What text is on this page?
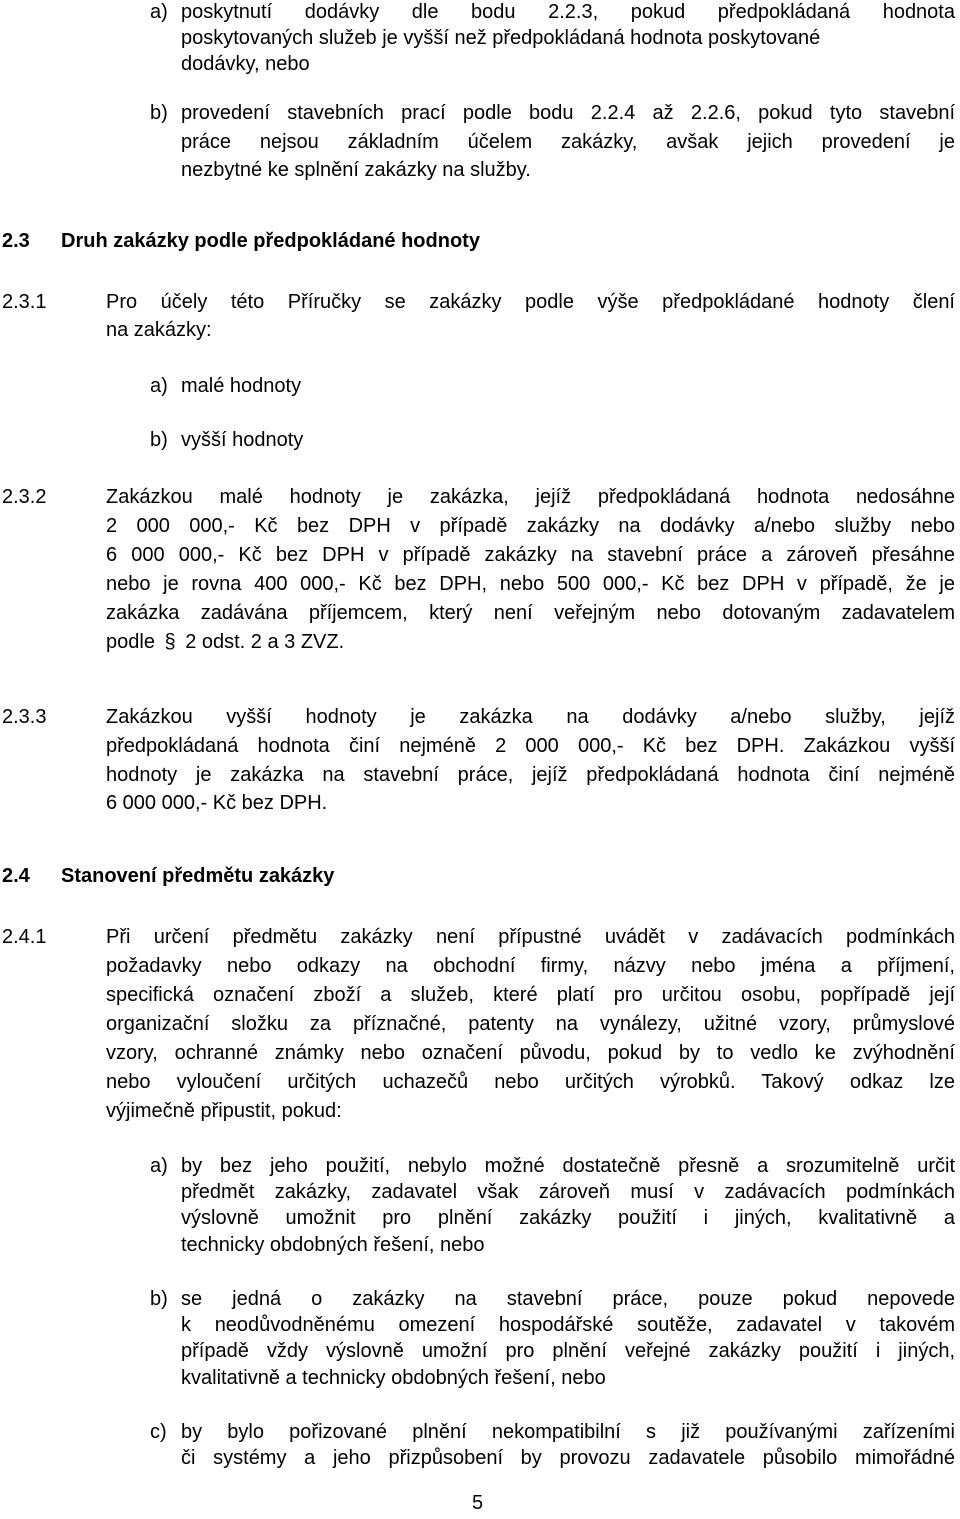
a) poskytnutí dodávky dle bodu 2.2.3, pokud předpokládaná hodnota
poskytovaných služeb je vyšší než předpokládaná hodnota poskytované
dodávky, nebo
b) provedení stavebních prací podle bodu 2.2.4 až 2.2.6, pokud tyto stavební
práce nejsou základním účelem zakázky, avšak jejich provedení je
nezbytné ke splnění zakázky na služby.
2.3 Druh zakázky podle předpokládané hodnoty
2.3.1	Pro účely této Příručky se zakázky podle výše předpokládané hodnoty člení
na zakázky:
a) malé hodnoty
b) vyšší hodnoty
2.3.2	Zakázkou malé hodnoty je zakázka, jejíž předpokládaná hodnota nedosáhne
2 000 000,- Kč bez DPH v případě zakázky na dodávky a/nebo služby nebo
6 000 000,- Kč bez DPH v případě zakázky na stavební práce a zároveň přesáhne
nebo je rovna 400 000,- Kč bez DPH, nebo 500 000,- Kč bez DPH v případě, že je
zakázka zadávána příjemcem, který není veřejným nebo dotovaným zadavatelem
podle § 2 odst. 2 a 3 ZVZ.
2.3.3	Zakázkou vyšší hodnoty je zakázka na dodávky a/nebo služby, jejíž
předpokládaná hodnota činí nejméně 2 000 000,- Kč bez DPH. Zakázkou vyšší
hodnoty je zakázka na stavební práce, jejíž předpokládaná hodnota činí nejméně
6 000 000,- Kč bez DPH.
2.4 Stanovení předmětu zakázky
2.4.1	Při určení předmětu zakázky není přípustné uvádět v zadávacích podmínkách
požadavky nebo odkazy na obchodní firmy, názvy nebo jména a příjmení,
specifická označení zboží a služeb, které platí pro určitou osobu, popřípadě její
organizační složku za příznačné, patenty na vynálezy, užitné vzory, průmyslové
vzory, ochranné známky nebo označení původu, pokud by to vedlo ke zvýhodnění
nebo vyloučení určitých uchazečů nebo určitých výrobků. Takový odkaz lze
výjimečně připustit, pokud:
a) by bez jeho použití, nebylo možné dostatečně přesně a srozumitelně určit
předmět zakázky, zadavatel však zároveň musí v zadávacích podmínkách
výslovně umožnit pro plnění zakázky použití i jiných, kvalitativně a
technicky obdobných řešení, nebo
b) se jedná o zakázky na stavební práce, pouze pokud nepovede
k neodůvodněnému omezení hospodářské soutěže, zadavatel v takovém
případě vždy výslovně umožní pro plnění veřejné zakázky použití i jiných,
kvalitativně a technicky obdobných řešení, nebo
c) by bylo pořizované plnění nekompatibilní s již používanými zařízeními
či systémy a jeho přizpůsobení by provozu zadavatele působilo mimořádné
5
